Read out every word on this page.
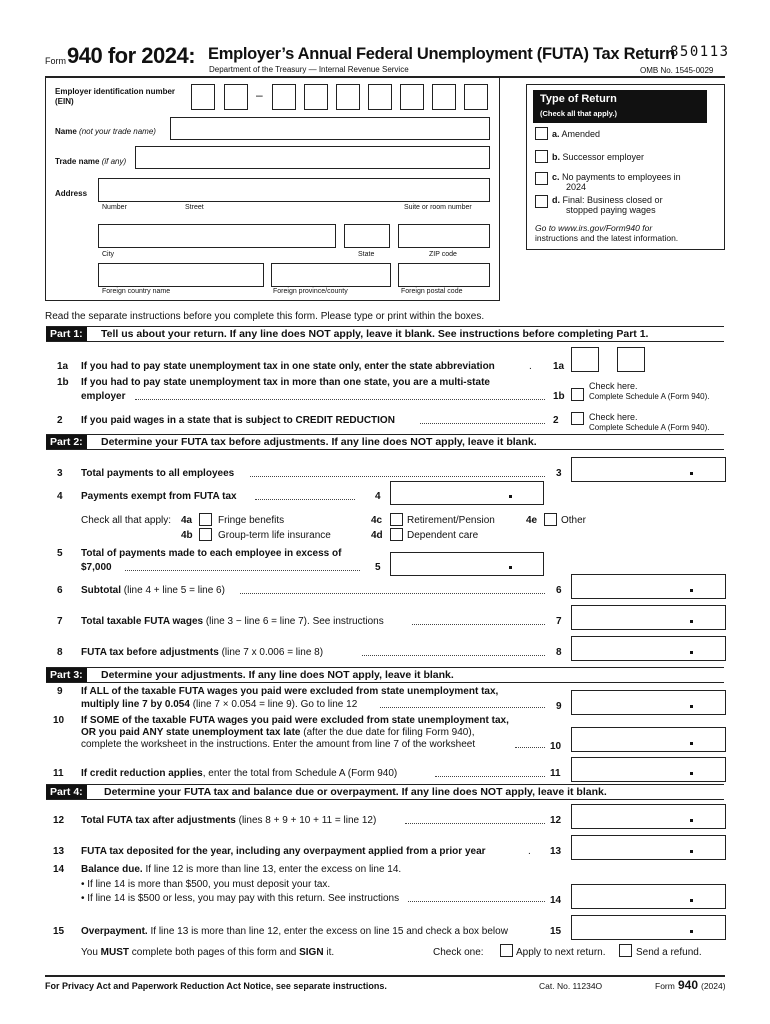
Form 940 for 2024: Employer’s Annual Federal Unemployment (FUTA) Tax Return
Department of the Treasury — Internal Revenue Service
850113
OMB No. 1545-0029
Employer identification number
(EIN)	–
Name (not your trade name)
Trade name (if any)
Address
Number	Street	Suite or room number
City	State	ZIP code
Foreign country name	Foreign province/county	Foreign postal code
Type of Return
(Check all that apply.)
a. Amended
b. Successor employer
c. No payments to employees in
2024
d. Final: Business closed or
stopped paying wages
Go to www.irs.gov/Form940 for
instructions and the latest information.
Read the separate instructions before you complete this form. Please type or print within the boxes.
Part 1:	Tell us about your return. If any line does NOT apply, leave it blank. See instructions before completing Part 1.
1a If you had to pay state unemployment tax in one state only, enter the state abbreviation	. 1a
1b If you had to pay state unemployment tax in more than one state, you are a multi-state
employer	1b
Check here.
Complete Schedule A (Form 940).
2 If you paid wages in a state that is subject to CREDIT REDUCTION	2	Check here.
Complete Schedule A (Form 940).
Part 2:	Determine your FUTA tax before adjustments. If any line does NOT apply, leave it blank.
3 Total payments to all employees	3
4 Payments exempt from FUTA tax	4
Check all that apply: 4a	Fringe benefits
4b	Group-term life insurance
4c Retirement/Pension
4d Dependent care
4e Other
5 Total of payments made to each employee in excess of
$7,000	5
6 Subtotal (line 4 + line 5 = line 6)	6
7 Total taxable FUTA wages (line 3 − line 6 = line 7). See instructions	7
8 FUTA tax before adjustments (line 7 x 0.006 = line 8)	8
Part 3:	Determine your adjustments. If any line does NOT apply, leave it blank.
9 If ALL of the taxable FUTA wages you paid were excluded from state unemployment tax,
multiply line 7 by 0.054 (line 7 × 0.054 = line 9). Go to line 12	9
10 If SOME of the taxable FUTA wages you paid were excluded from state unemployment tax,
OR you paid ANY state unemployment tax late (after the due date for filing Form 940),
complete the worksheet in the instructions. Enter the amount from line 7 of the worksheet	10
11 If credit reduction applies, enter the total from Schedule A (Form 940)	11
Part 4:	Determine your FUTA tax and balance due or overpayment. If any line does NOT apply, leave it blank.
12 Total FUTA tax after adjustments (lines 8 + 9 + 10 + 11 = line 12)	12
13 FUTA tax deposited for the year, including any overpayment applied from a prior year	. 13
14 Balance due. If line 12 is more than line 13, enter the excess on line 14.
• If line 14 is more than $500, you must deposit your tax.
• If line 14 is $500 or less, you may pay with this return. See instructions	14
15 Overpayment. If line 13 is more than line 12, enter the excess on line 15 and check a box below	15
You MUST complete both pages of this form and SIGN it.	Check one:	Apply to next return.	Send a refund.
For Privacy Act and Paperwork Reduction Act Notice, see separate instructions.	Cat. No. 11234O	Form 940 (2024)
